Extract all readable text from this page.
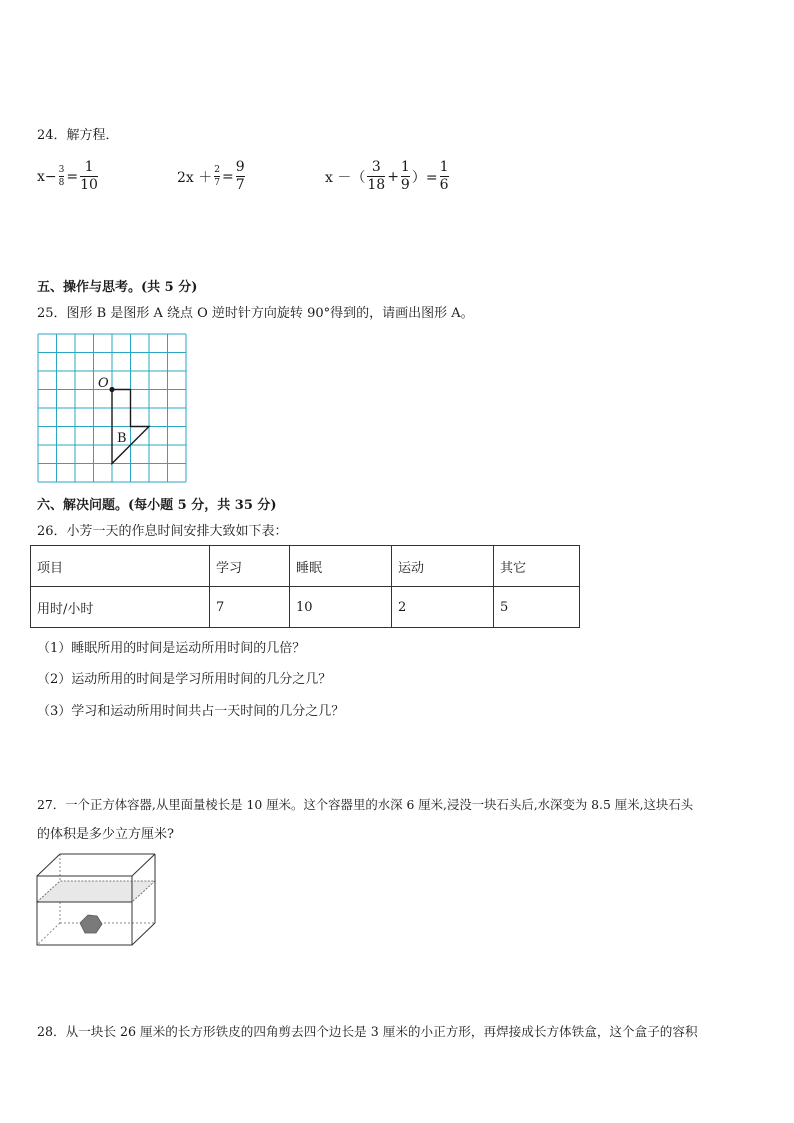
24．解方程．
$x- \frac{3}{8} = \frac{1}{10}$	$2x + \frac{2}{7} = \frac{9}{7}$	x －（ $\frac{3}{18} + \frac{1}{9}$ ）= $\frac{1}{6}$
五、操作与思考。(共 5 分)
25．图形 B 是图形 A 绕点 O 逆时针方向旋转 90°得到的，请画出图形 A。
O
B
六、解决问题。(每小题 5 分，共 35 分)
26．小芳一天的作息时间安排大致如下表：
项目	学习	睡眠	运动	其它
用时/小时	7	10	2	5
（1）睡眠所用的时间是运动所用时间的几倍？
（2）运动所用的时间是学习所用时间的几分之几？
（3）学习和运动所用时间共占一天时间的几分之几？
27．一个正方体容器,从里面量棱长是 10 厘米。这个容器里的水深 6 厘米,浸没一块石头后,水深变为 8.5 厘米,这块石头
的体积是多少立方厘米?
28．从一块长 26 厘米的长方形铁皮的四角剪去四个边长是 3 厘米的小正方形，再焊接成长方体铁盒，这个盒子的容积
